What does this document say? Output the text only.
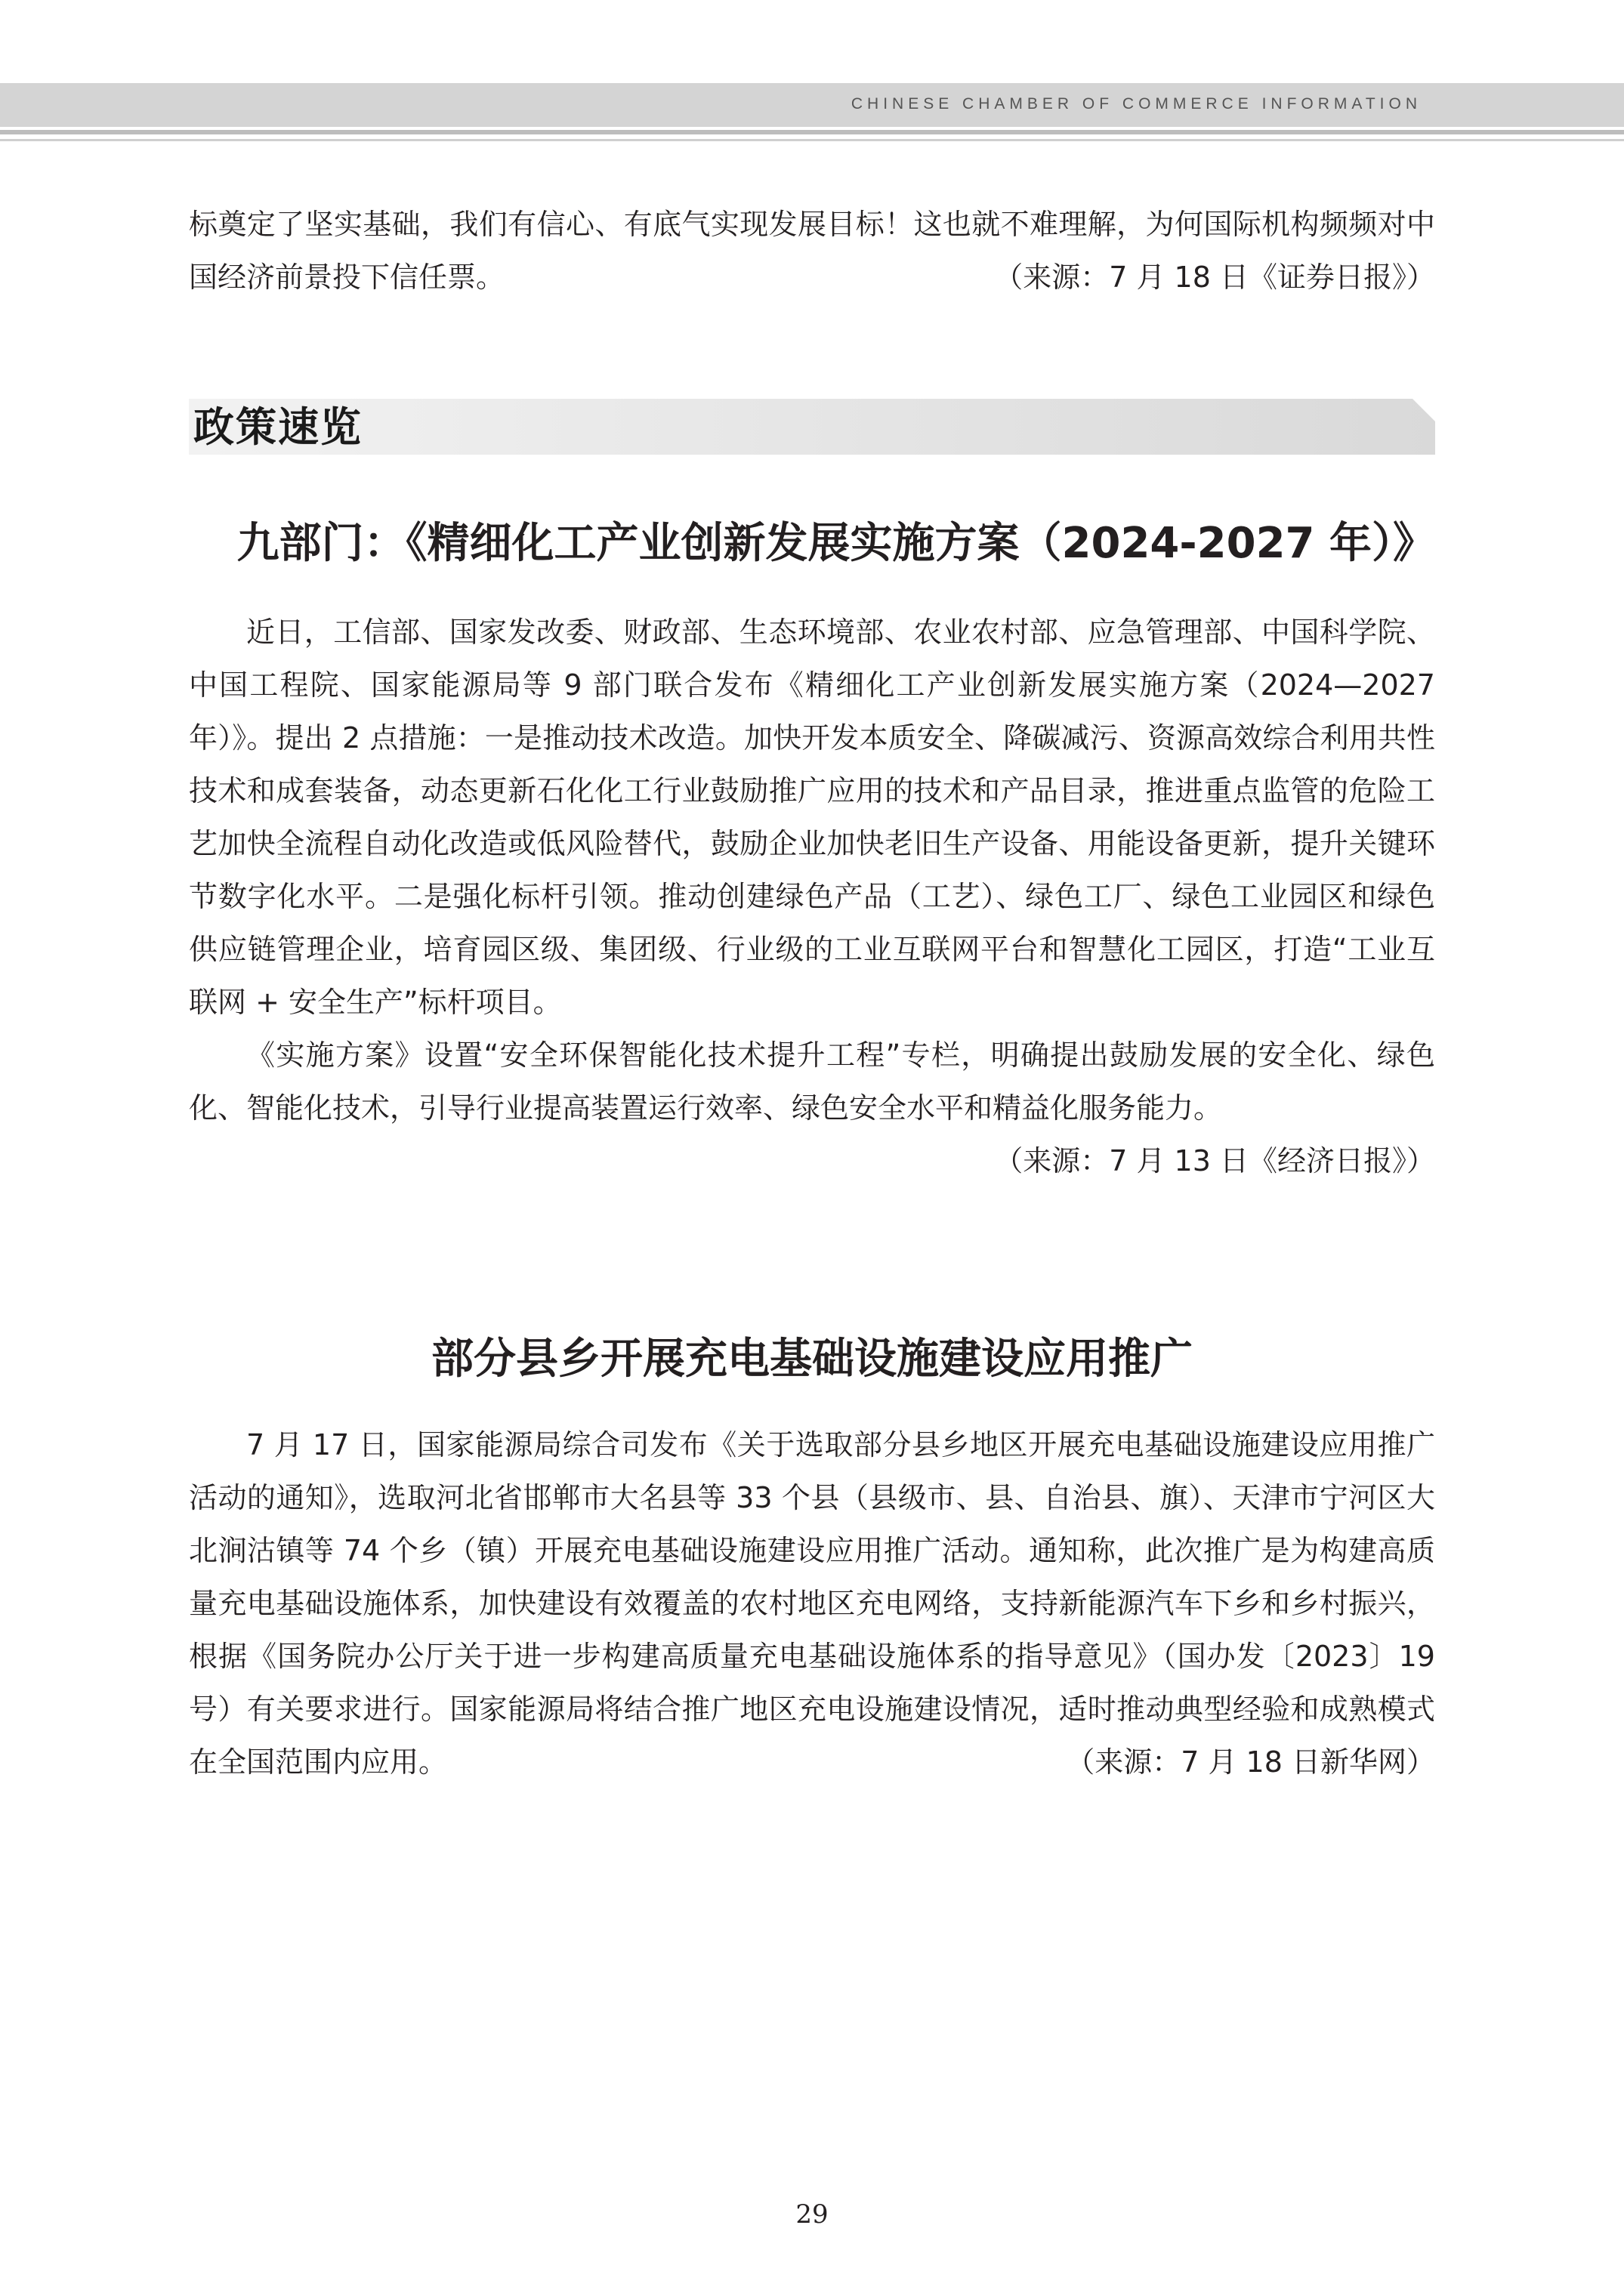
CHINESE CHAMBER OF COMMERCE INFORMATION

标奠定了坚实基础，我们有信心、有底气实现发展目标！这也就不难理解，为何国际机构频频对中国经济前景投下信任票。	（来源：7 月 18 日《证券日报》）

政策速览
九部门：《精细化工产业创新发展实施方案（2024-2027 年）》

近日，工信部、国家发改委、财政部、生态环境部、农业农村部、应急管理部、中国科学院、中国工程院、国家能源局等 9 部门联合发布《精细化工产业创新发展实施方案（2024—2027 年）》。提出 2 点措施：一是推动技术改造。加快开发本质安全、降碳减污、资源高效综合利用共性技术和成套装备，动态更新石化化工行业鼓励推广应用的技术和产品目录，推进重点监管的危险工艺加快全流程自动化改造或低风险替代，鼓励企业加快老旧生产设备、用能设备更新，提升关键环节数字化水平。二是强化标杆引领。推动创建绿色产品（工艺）、绿色工厂、绿色工业园区和绿色供应链管理企业，培育园区级、集团级、行业级的工业互联网平台和智慧化工园区，打造“工业互联网 + 安全生产”标杆项目。

《实施方案》设置“安全环保智能化技术提升工程”专栏，明确提出鼓励发展的安全化、绿色化、智能化技术，引导行业提高装置运行效率、绿色安全水平和精益化服务能力。

（来源：7 月 13 日《经济日报》）

部分县乡开展充电基础设施建设应用推广

7 月 17 日，国家能源局综合司发布《关于选取部分县乡地区开展充电基础设施建设应用推广活动的通知》，选取河北省邯郸市大名县等 33 个县（县级市、县、自治县、旗）、天津市宁河区大北涧沽镇等 74 个乡（镇）开展充电基础设施建设应用推广活动。通知称，此次推广是为构建高质量充电基础设施体系，加快建设有效覆盖的农村地区充电网络，支持新能源汽车下乡和乡村振兴，根据《国务院办公厅关于进一步构建高质量充电基础设施体系的指导意见》（国办发〔2023〕19 号）有关要求进行。国家能源局将结合推广地区充电设施建设情况，适时推动典型经验和成熟模式在全国范围内应用。　	（来源：7 月 18 日新华网）

29
